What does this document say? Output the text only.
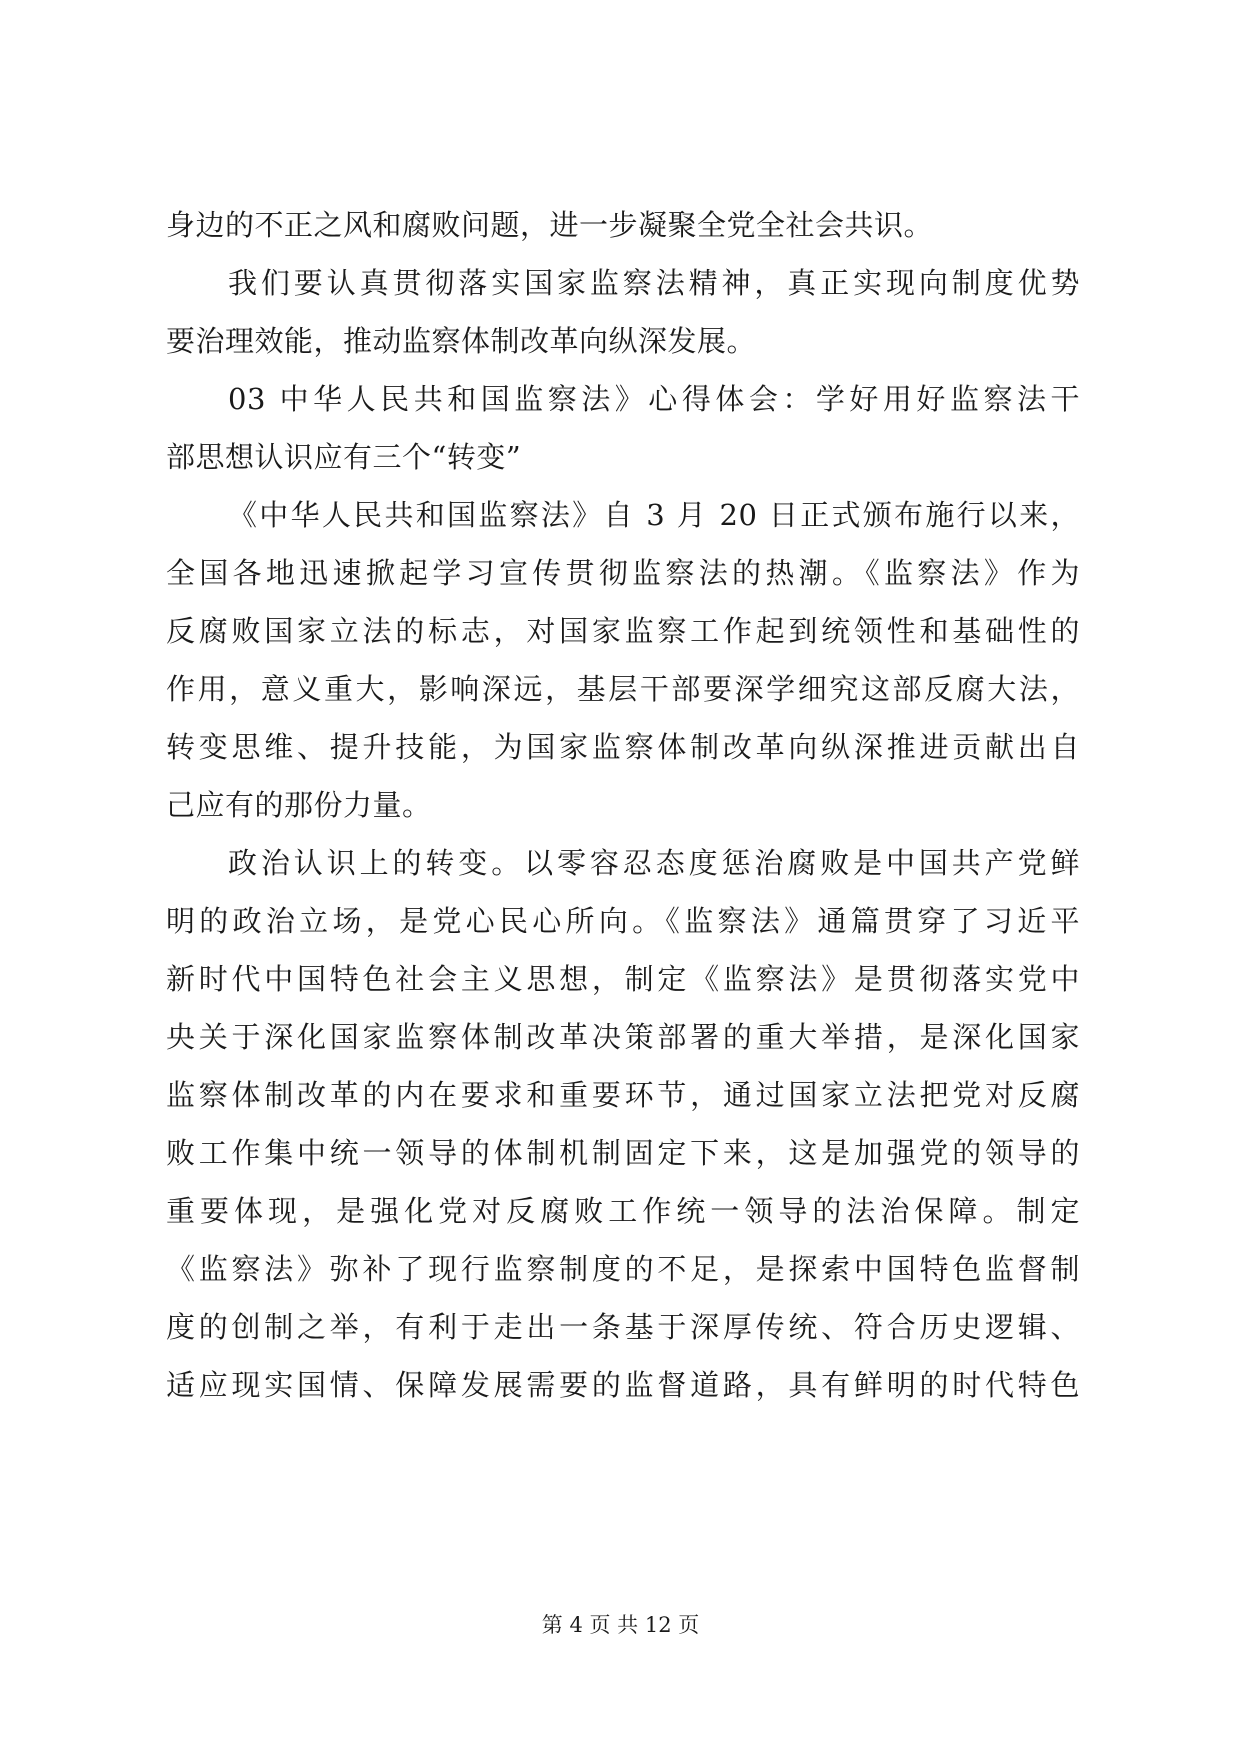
身边的不正之风和腐败问题，进一步凝聚全党全社会共识。
我们要认真贯彻落实国家监察法精神，真正实现向制度优势
要治理效能，推动监察体制改革向纵深发展。
03 中华人民共和国监察法》心得体会：学好用好监察法干
部思想认识应有三个“转变”
《中华人民共和国监察法》自 3 月 20 日正式颁布施行以来，
全国各地迅速掀起学习宣传贯彻监察法的热潮。《监察法》作为
反腐败国家立法的标志，对国家监察工作起到统领性和基础性的
作用，意义重大，影响深远，基层干部要深学细究这部反腐大法，
转变思维、提升技能，为国家监察体制改革向纵深推进贡献出自
己应有的那份力量。
政治认识上的转变。以零容忍态度惩治腐败是中国共产党鲜
明的政治立场，是党心民心所向。《监察法》通篇贯穿了习近平
新时代中国特色社会主义思想，制定《监察法》是贯彻落实党中
央关于深化国家监察体制改革决策部署的重大举措，是深化国家
监察体制改革的内在要求和重要环节，通过国家立法把党对反腐
败工作集中统一领导的体制机制固定下来，这是加强党的领导的
重要体现，是强化党对反腐败工作统一领导的法治保障。制定
《监察法》弥补了现行监察制度的不足，是探索中国特色监督制
度的创制之举，有利于走出一条基于深厚传统、符合历史逻辑、
适应现实国情、保障发展需要的监督道路，具有鲜明的时代特色
第 4 页 共 12 页
